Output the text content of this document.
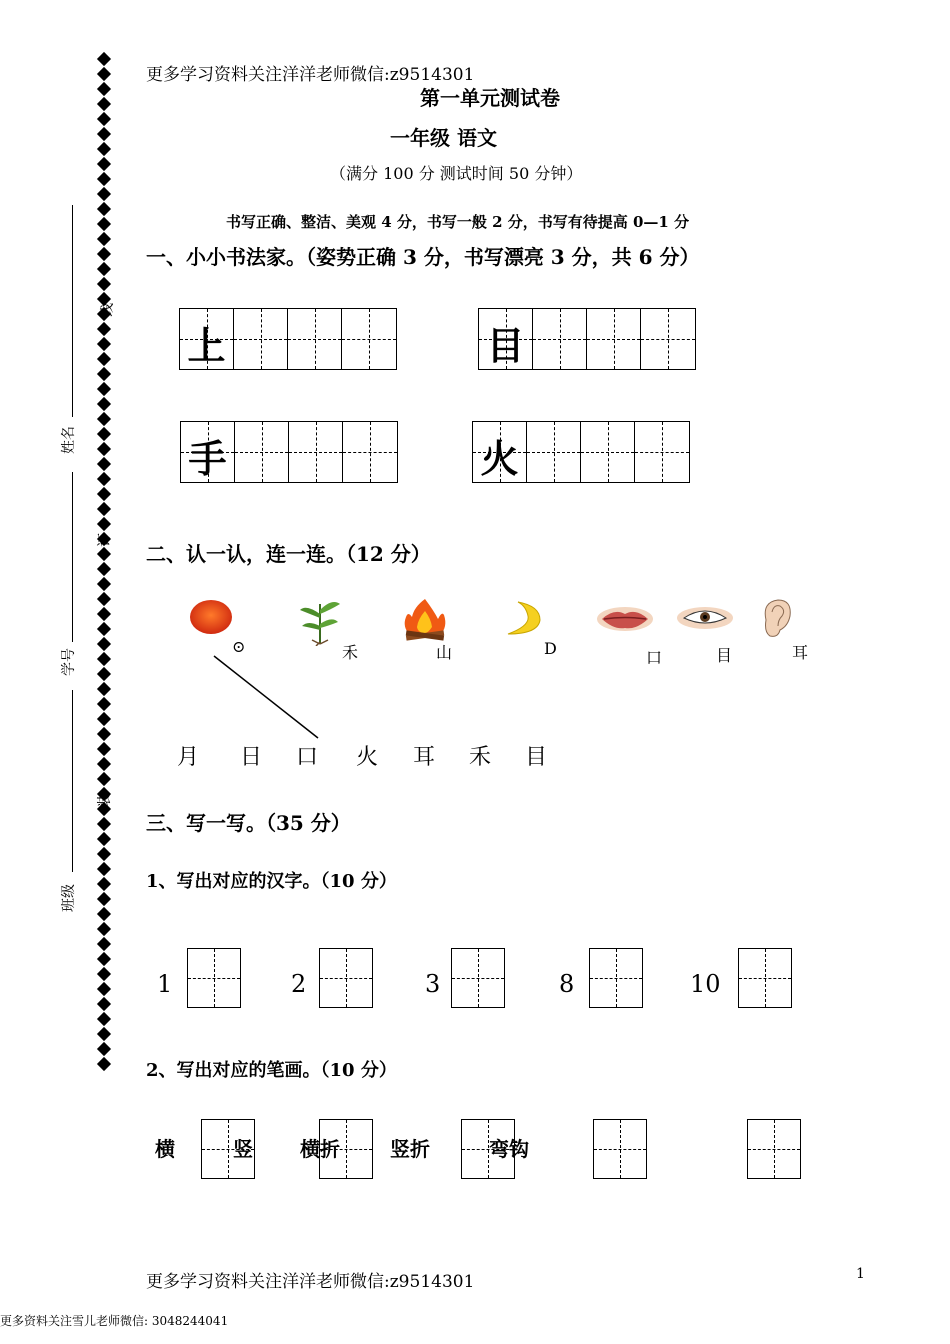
更多学习资料关注洋洋老师微信:z9514301
第一单元测试卷
一年级 语文
（满分 100 分 测试时间 50 分钟）
书写正确、整洁、美观 4 分，书写一般 2 分，书写有待提高 0—1 分
线
订
装
姓名
学号
班级
一、小小书法家。（姿势正确 3 分，书写漂亮 3 分，共 6 分）
上	目
手	火
二、认一认，连一连。（12 分）
⊙	禾	山	D	口	目	耳
月 日 口 火 耳 禾 目
三、写一写。（35 分）
1、写出对应的汉字。（10 分）
1	2	3	8	10
2、写出对应的笔画。（10 分）
横	竖 横折	竖折	弯钩
更多学习资料关注洋洋老师微信:z9514301	1
更多资料关注雪儿老师微信: 3048244041
